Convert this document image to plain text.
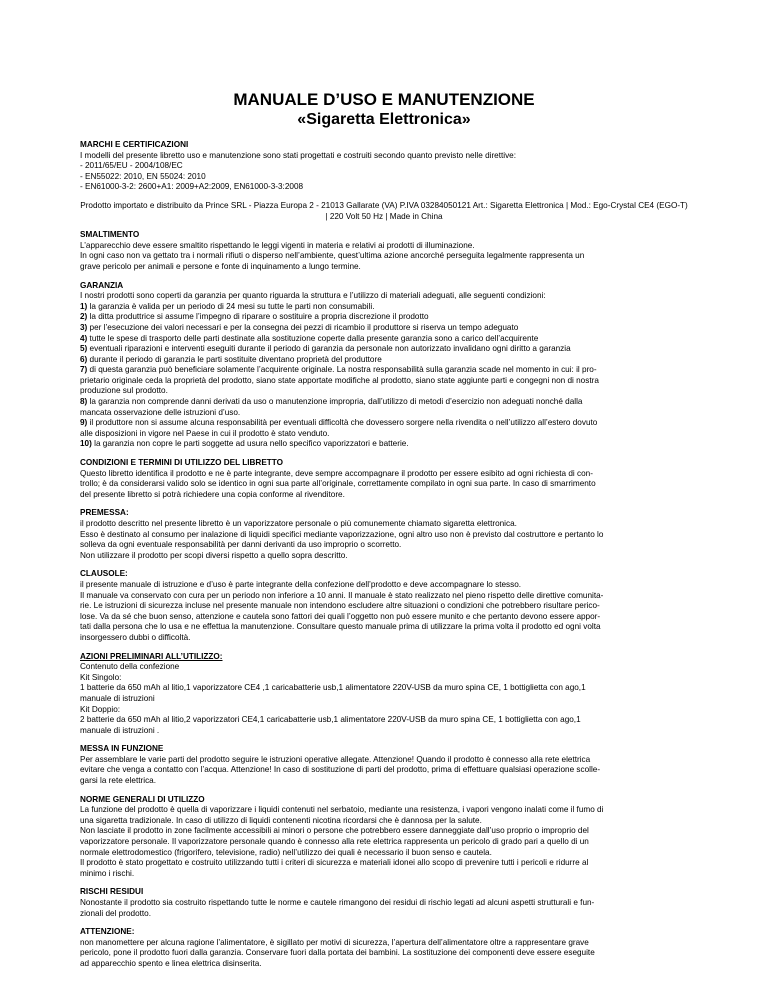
MANUALE D’USO E MANUTENZIONE
«Sigaretta Elettronica»
MARCHI E CERTIFICAZIONI
I modelli del presente libretto uso e manutenzione sono stati progettati e costruiti secondo quanto previsto nelle direttive:
- 2011/65/EU - 2004/108/EC
- EN55022: 2010, EN 55024: 2010
- EN61000-3-2: 2600+A1: 2009+A2:2009, EN61000-3-3:2008
Prodotto importato e distribuito da Prince SRL - Piazza Europa 2 - 21013 Gallarate (VA) P.IVA 03284050121 Art.: Sigaretta Elettronica | Mod.: Ego-Crystal CE4 (EGO-T) | 220 Volt 50 Hz | Made in China
SMALTIMENTO
L’apparecchio deve essere smaltito rispettando le leggi vigenti in materia e relativi ai prodotti di illuminazione.
In ogni caso non va gettato tra i normali rifiuti o disperso nell’ambiente, quest’ultima azione ancorché perseguita legalmente rappresenta un
grave pericolo per animali e persone e fonte di inquinamento a lungo termine.
GARANZIA
I nostri prodotti sono coperti da garanzia per quanto riguarda la struttura e l’utilizzo di materiali adeguati, alle seguenti condizioni:
1) la garanzia è valida per un periodo di 24 mesi su tutte le parti non consumabili.
2) la ditta produttrice si assume l’impegno di riparare o sostituire a propria discrezione il prodotto
3) per l’esecuzione dei valori necessari e per la consegna dei pezzi di ricambio il produttore si riserva un tempo adeguato
4) tutte le spese di trasporto delle parti destinate alla sostituzione coperte dalla presente garanzia sono a carico dell’acquirente
5) eventuali riparazioni e interventi eseguiti durante il periodo di garanzia da personale non autorizzato invalidano ogni diritto a garanzia
6) durante il periodo di garanzia le parti sostituite diventano proprietà del produttore
7) di questa garanzia può beneficiare solamente l’acquirente originale. La nostra responsabilità sulla garanzia scade nel momento in cui: il pro-
prietario originale ceda la proprietà del prodotto, siano state apportate modifiche al prodotto, siano state aggiunte parti e congegni non di nostra
produzione sul prodotto.
8) la garanzia non comprende danni derivati da uso o manutenzione impropria, dall’utilizzo di metodi d’esercizio non adeguati nonché dalla
mancata osservazione delle istruzioni d’uso.
9) il produttore non si assume alcuna responsabilità per eventuali difficoltà che dovessero sorgere nella rivendita o nell’utilizzo all’estero dovuto
alle disposizioni in vigore nel Paese in cui il prodotto è stato venduto.
10) la garanzia non copre le parti soggette ad usura nello specifico vaporizzatori e batterie.
CONDIZIONI E TERMINI DI UTILIZZO DEL LIBRETTO
Questo libretto identifica il prodotto e ne è parte integrante, deve sempre accompagnare il prodotto per essere esibito ad ogni richiesta di con-
trollo; è da considerarsi valido solo se identico in ogni sua parte all’originale, correttamente compilato in ogni sua parte. In caso di smarrimento
del presente libretto si potrà richiedere una copia conforme al rivenditore.
PREMESSA:
il prodotto descritto nel presente libretto è un vaporizzatore personale o più comunemente chiamato sigaretta elettronica.
Esso è destinato al consumo per inalazione di liquidi specifici mediante vaporizzazione, ogni altro uso non è previsto dal costruttore e pertanto lo
solleva da ogni eventuale responsabilità per danni derivanti da uso improprio o scorretto.
Non utilizzare il prodotto per scopi diversi rispetto a quello sopra descritto.
CLAUSOLE:
il presente manuale di istruzione e d’uso è parte integrante della confezione dell’prodotto e deve accompagnare lo stesso.
Il manuale va conservato con cura per un periodo non inferiore a 10 anni. Il manuale è stato realizzato nel pieno rispetto delle direttive comunita-
rie. Le istruzioni di sicurezza incluse nel presente manuale non intendono escludere altre situazioni o condizioni che potrebbero risultare perico-
lose. Va da sé che buon senso, attenzione e cautela sono fattori dei quali l’oggetto non può essere munito e che pertanto devono essere appor-
tati dalla persona che lo usa e ne effettua la manutenzione. Consultare questo manuale prima di utilizzare la prima volta il prodotto ed ogni volta
insorgessero dubbi o difficoltà.
AZIONI PRELIMINARI ALL’UTILIZZO:
Contenuto della confezione
Kit Singolo:
1 batterie da 650 mAh al litio,1 vaporizzatore CE4 ,1 caricabatterie usb,1 alimentatore 220V-USB da muro spina CE, 1 bottiglietta con ago,1
manuale di istruzioni
Kit Doppio:
2 batterie da 650 mAh al litio,2 vaporizzatori CE4,1 caricabatterie usb,1 alimentatore 220V-USB da muro spina CE, 1 bottiglietta con ago,1
manuale di istruzioni .
MESSA IN FUNZIONE
Per assemblare le varie parti del prodotto seguire le istruzioni operative allegate. Attenzione! Quando il prodotto è connesso alla rete elettrica
evitare che venga a contatto con l’acqua. Attenzione! In caso di sostituzione di parti del prodotto, prima di effettuare qualsiasi operazione scolle-
garsi la rete elettrica.
NORME GENERALI DI UTILIZZO
La funzione del prodotto è quella di vaporizzare i liquidi contenuti nel serbatoio, mediante una resistenza, i vapori vengono inalati come il fumo di
una sigaretta tradizionale. In caso di utilizzo di liquidi contenenti nicotina ricordarsi che è dannosa per la salute.
Non lasciate il prodotto in zone facilmente accessibili ai minori o persone che potrebbero essere danneggiate dall’uso proprio o improprio del
vaporizzatore personale. Il vaporizzatore personale quando è connesso alla rete elettrica rappresenta un pericolo di grado pari a quello di un
normale elettrodomestico (frigorifero, televisione, radio) nell’utilizzo dei quali è necessario il buon senso e cautela.
Il prodotto è stato progettato e costruito utilizzando tutti i criteri di sicurezza e materiali idonei allo scopo di prevenire tutti i pericoli e ridurre al
minimo i rischi.
RISCHI RESIDUI
Nonostante il prodotto sia costruito rispettando tutte le norme e cautele rimangono dei residui di rischio legati ad alcuni aspetti strutturali e fun-
zionali del prodotto.
ATTENZIONE:
non manomettere per alcuna ragione l’alimentatore, è sigillato per motivi di sicurezza, l’apertura dell’alimentatore oltre a rappresentare grave
pericolo, pone il prodotto fuori dalla garanzia. Conservare fuori dalla portata dei bambini. La sostituzione dei componenti deve essere eseguite
ad apparecchio spento e linea elettrica disinserita.
